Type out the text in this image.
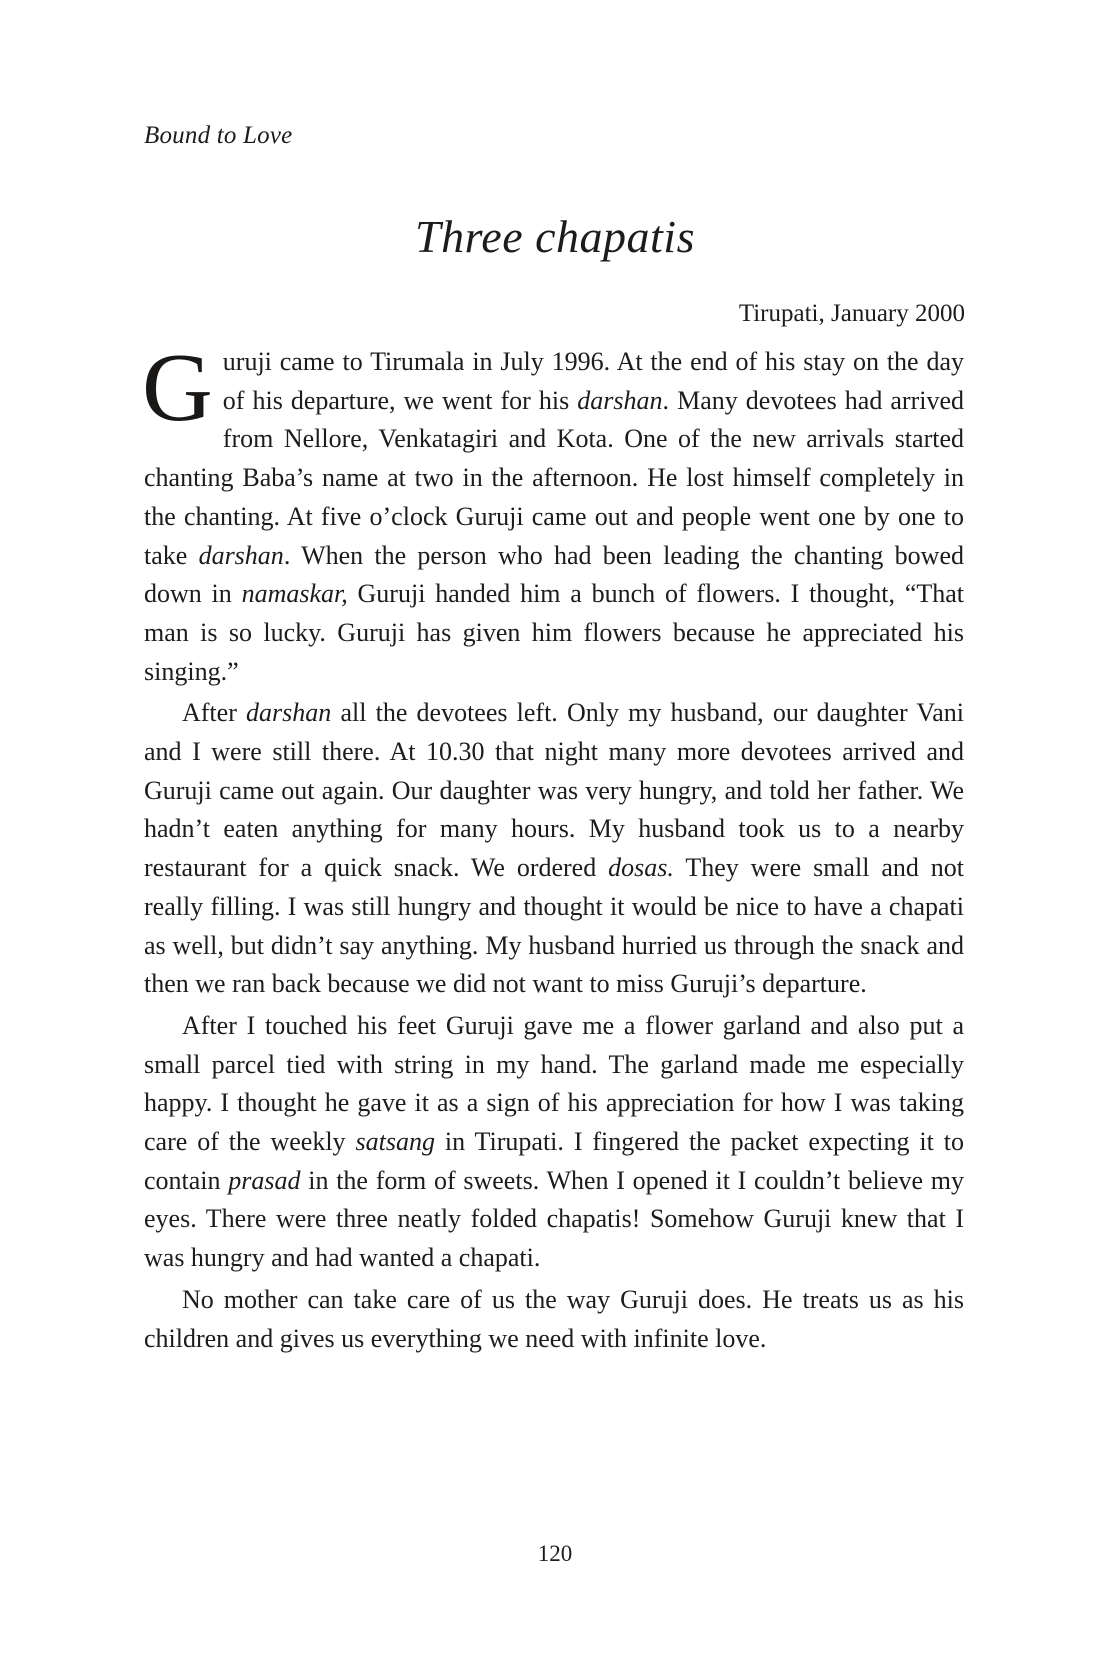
Bound to Love
Three chapatis
Tirupati, January 2000

Guruji came to Tirumala in July 1996. At the end of his stay on the day of his departure, we went for his darshan. Many devotees had arrived from Nellore, Venkatagiri and Kota. One of the new arrivals started chanting Baba’s name at two in the afternoon. He lost himself completely in the chanting. At five o’clock Guruji came out and people went one by one to take darshan. When the person who had been leading the chanting bowed down in namaskar, Guruji handed him a bunch of flowers. I thought, “That man is so lucky. Guruji has given him flowers because he appreciated his singing.”

After darshan all the devotees left. Only my husband, our daughter Vani and I were still there. At 10.30 that night many more devotees arrived and Guruji came out again. Our daughter was very hungry, and told her father. We hadn’t eaten anything for many hours. My husband took us to a nearby restaurant for a quick snack. We ordered dosas. They were small and not really filling. I was still hungry and thought it would be nice to have a chapati as well, but didn’t say anything. My husband hurried us through the snack and then we ran back because we did not want to miss Guruji’s departure.

After I touched his feet Guruji gave me a flower garland and also put a small parcel tied with string in my hand. The garland made me especially happy. I thought he gave it as a sign of his appreciation for how I was taking care of the weekly satsang in Tirupati. I fingered the packet expecting it to contain prasad in the form of sweets. When I opened it I couldn’t believe my eyes. There were three neatly folded chapatis! Somehow Guruji knew that I was hungry and had wanted a chapati.

No mother can take care of us the way Guruji does. He treats us as his children and gives us everything we need with infinite love.

120
